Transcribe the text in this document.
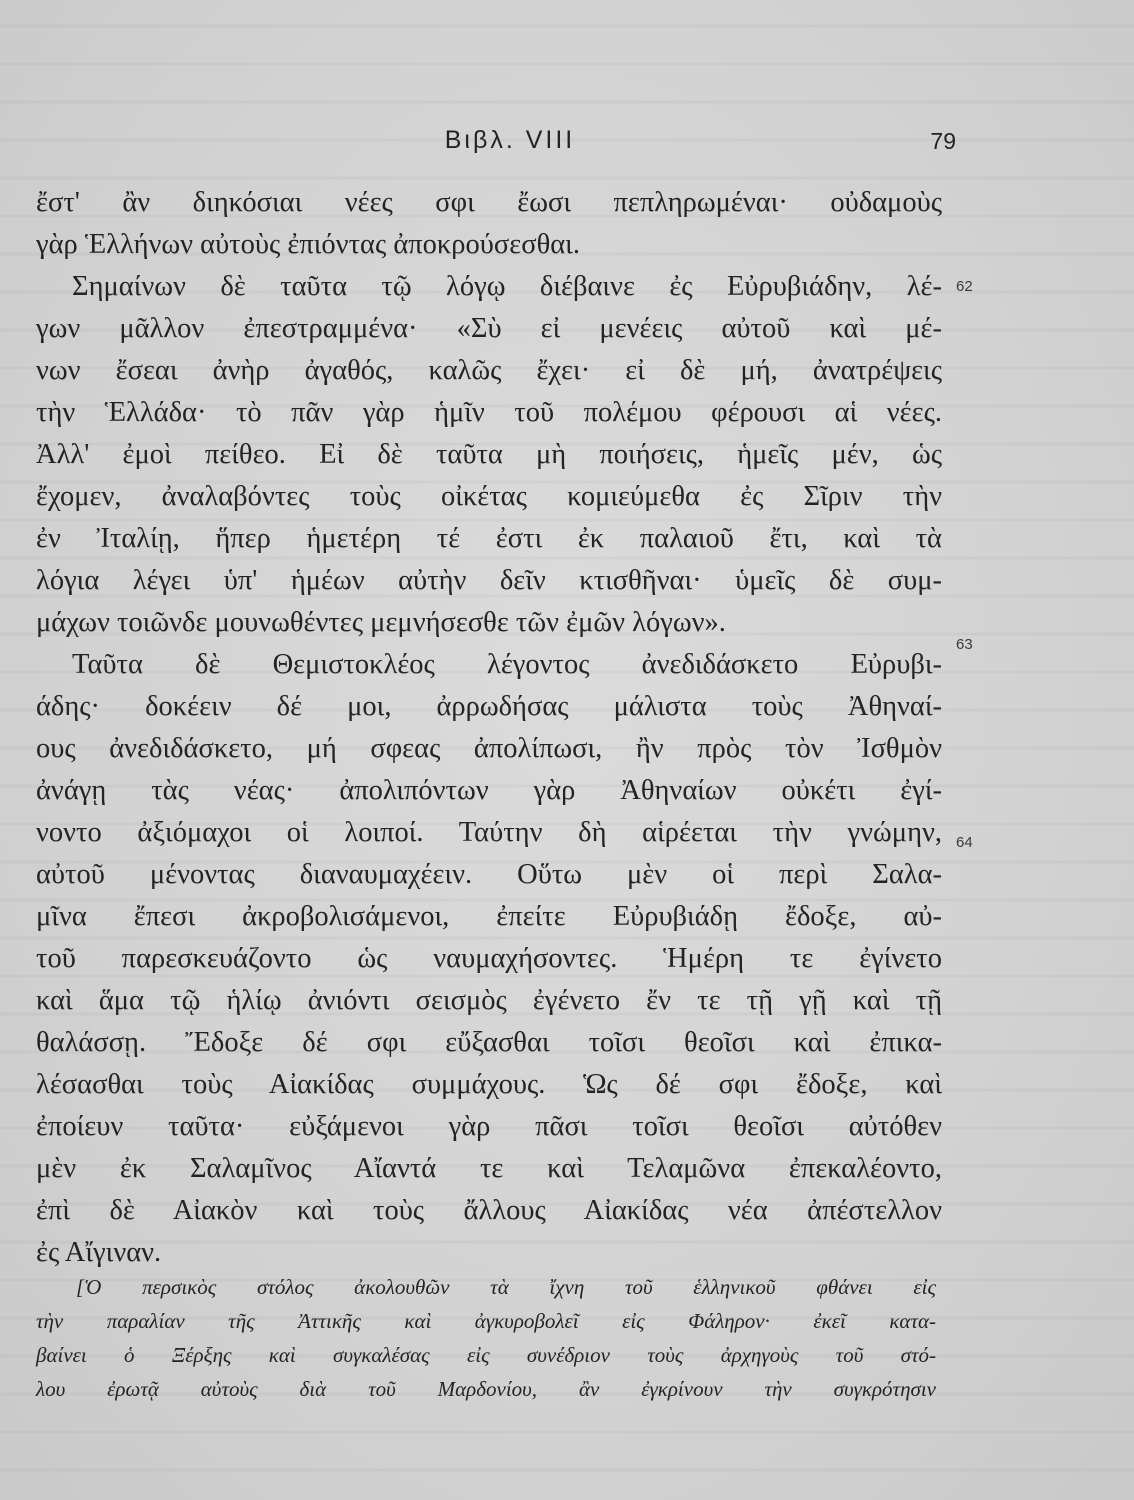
Βιβλ. VIII	79
ἔστ' ἂν διηκόσιαι νέες σφι ἔωσι πεπληρωμέναι· οὐδαμοὺς
γὰρ Ἑλλήνων αὐτοὺς ἐπιόντας ἀποκρούσεσθαι.
Σημαίνων δὲ ταῦτα τῷ λόγῳ διέβαινε ἐς Εὐρυβιάδην, λέ-
γων μᾶλλον ἐπεστραμμένα· «Σὺ εἰ μενέεις αὐτοῦ καὶ μέ-
νων ἔσεαι ἀνὴρ ἀγαθός, καλῶς ἔχει· εἰ δὲ μή, ἀνατρέψεις
τὴν Ἑλλάδα· τὸ πᾶν γὰρ ἡμῖν τοῦ πολέμου φέρουσι αἱ νέες.
Ἀλλ' ἐμοὶ πείθεο. Εἰ δὲ ταῦτα μὴ ποιήσεις, ἡμεῖς μέν, ὡς
ἔχομεν, ἀναλαβόντες τοὺς οἰκέτας κομιεύμεθα ἐς Σῖριν τὴν
ἐν Ἰταλίῃ, ἥπερ ἡμετέρη τέ ἐστι ἐκ παλαιοῦ ἔτι, καὶ τὰ
λόγια λέγει ὑπ' ἡμέων αὐτὴν δεῖν κτισθῆναι· ὑμεῖς δὲ συμ-
μάχων τοιῶνδε μουνωθέντες μεμνήσεσθε τῶν ἐμῶν λόγων».
Ταῦτα δὲ Θεμιστοκλέος λέγοντος ἀνεδιδάσκετο Εὐρυβι-
άδης· δοκέειν δέ μοι, ἀρρωδήσας μάλιστα τοὺς Ἀθηναί-
ους ἀνεδιδάσκετο, μή σφεας ἀπολίπωσι, ἢν πρὸς τὸν Ἰσθμὸν
ἀνάγῃ τὰς νέας· ἀπολιπόντων γὰρ Ἀθηναίων οὐκέτι ἐγί-
νοντο ἀξιόμαχοι οἱ λοιποί. Ταύτην δὴ αἱρέεται τὴν γνώμην,
αὐτοῦ μένοντας διαναυμαχέειν. Οὕτω μὲν οἱ περὶ Σαλα-
μῖνα ἔπεσι ἀκροβολισάμενοι, ἐπείτε Εὐρυβιάδῃ ἔδοξε, αὐ-
τοῦ παρεσκευάζοντο ὡς ναυμαχήσοντες. Ἡμέρη τε ἐγίνετο
καὶ ἅμα τῷ ἡλίῳ ἀνιόντι σεισμὸς ἐγένετο ἔν τε τῇ γῇ καὶ τῇ
θαλάσσῃ. Ἔδοξε δέ σφι εὔξασθαι τοῖσι θεοῖσι καὶ ἐπικα-
λέσασθαι τοὺς Αἰακίδας συμμάχους. Ὡς δέ σφι ἔδοξε, καὶ
ἐποίευν ταῦτα· εὐξάμενοι γὰρ πᾶσι τοῖσι θεοῖσι αὐτόθεν
μὲν ἐκ Σαλαμῖνος Αἴαντά τε καὶ Τελαμῶνα ἐπεκαλέοντο,
ἐπὶ δὲ Αἰακὸν καὶ τοὺς ἄλλους Αἰακίδας νέα ἀπέστελλον
ἐς Αἴγιναν.
62
63
64
[Ὁ περσικὸς στόλος ἀκολουθῶν τὰ ἴχνη τοῦ ἑλληνικοῦ φθάνει εἰς
τὴν παραλίαν τῆς Ἀττικῆς καὶ ἀγκυροβολεῖ εἰς Φάληρον· ἐκεῖ κατα-
βαίνει ὁ Ξέρξης καὶ συγκαλέσας εἰς συνέδριον τοὺς ἀρχηγοὺς τοῦ στό-
λου ἐρωτᾷ αὐτοὺς διὰ τοῦ Μαρδονίου, ἂν ἐγκρίνουν τὴν συγκρότησιν
